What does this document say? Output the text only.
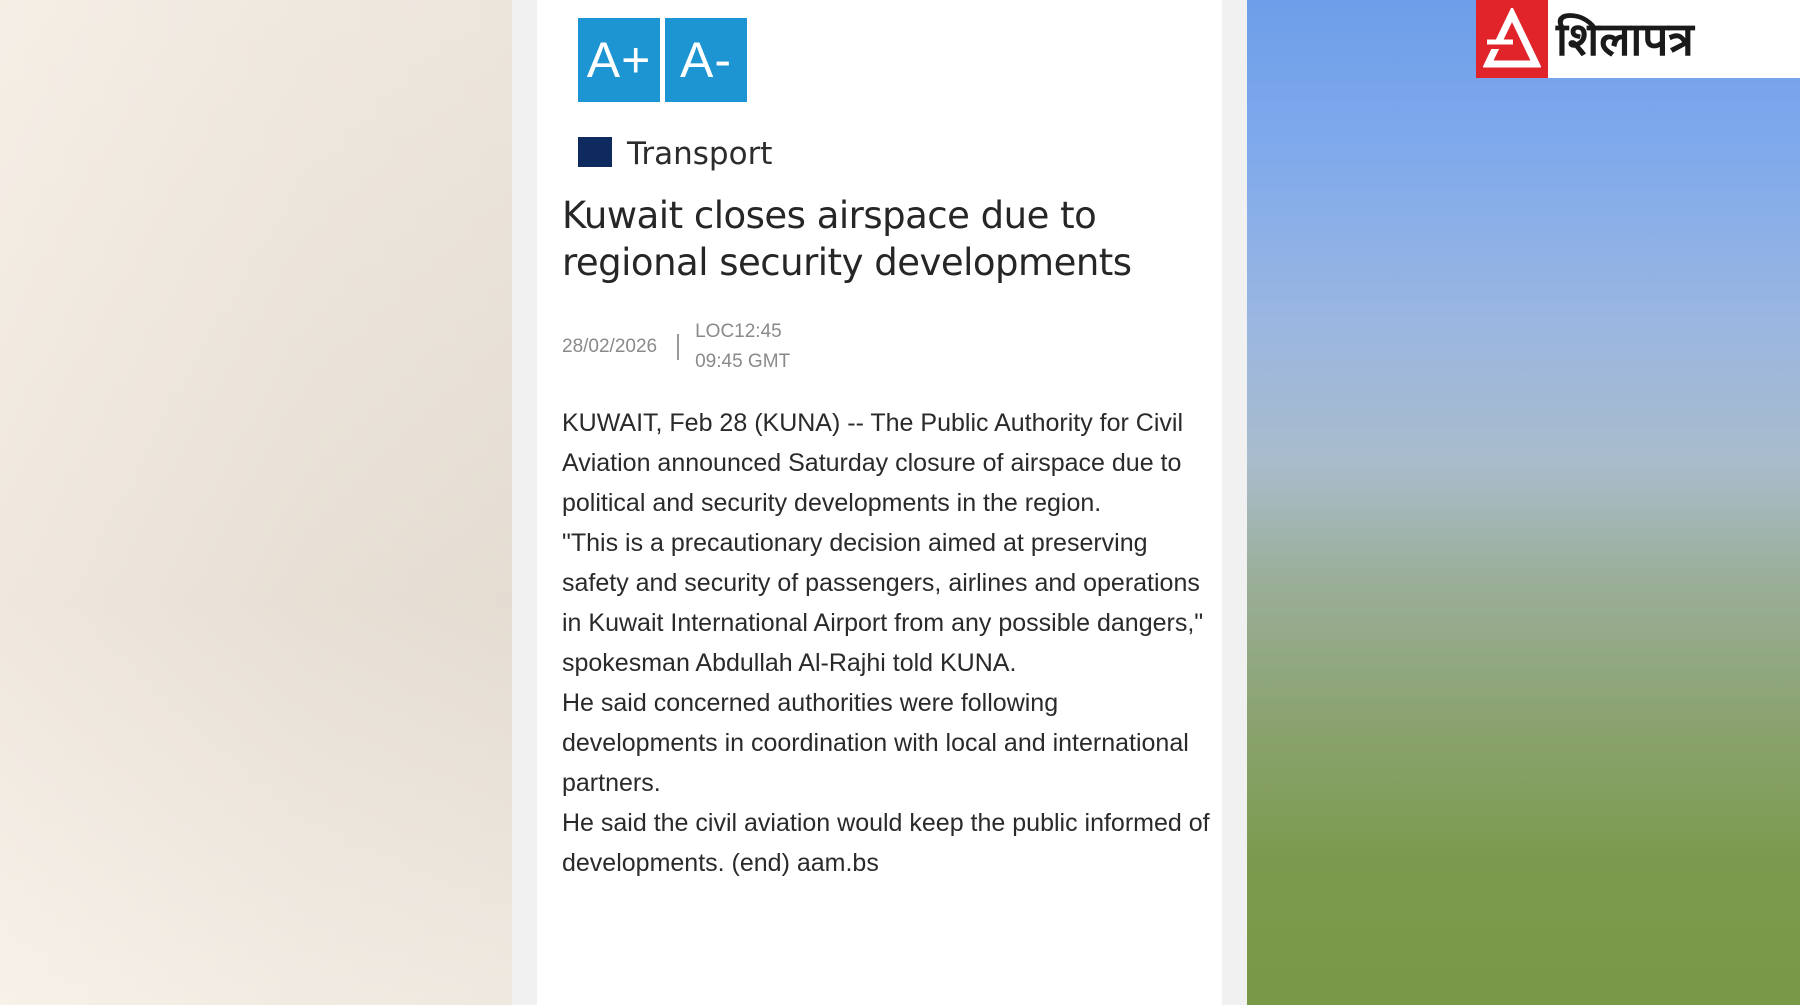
A+ A-
Transport
Kuwait closes airspace due to regional security developments
28/02/2026
LOC12:45
09:45 GMT

KUWAIT, Feb 28 (KUNA) -- The Public Authority for Civil Aviation announced Saturday closure of airspace due to political and security developments in the region.

"This is a precautionary decision aimed at preserving safety and security of passengers, airlines and operations in Kuwait International Airport from any possible dangers," spokesman Abdullah Al-Rajhi told KUNA.

He said concerned authorities were following developments in coordination with local and international partners.

He said the civil aviation would keep the public informed of developments. (end) aam.bs

शिलापत्र
